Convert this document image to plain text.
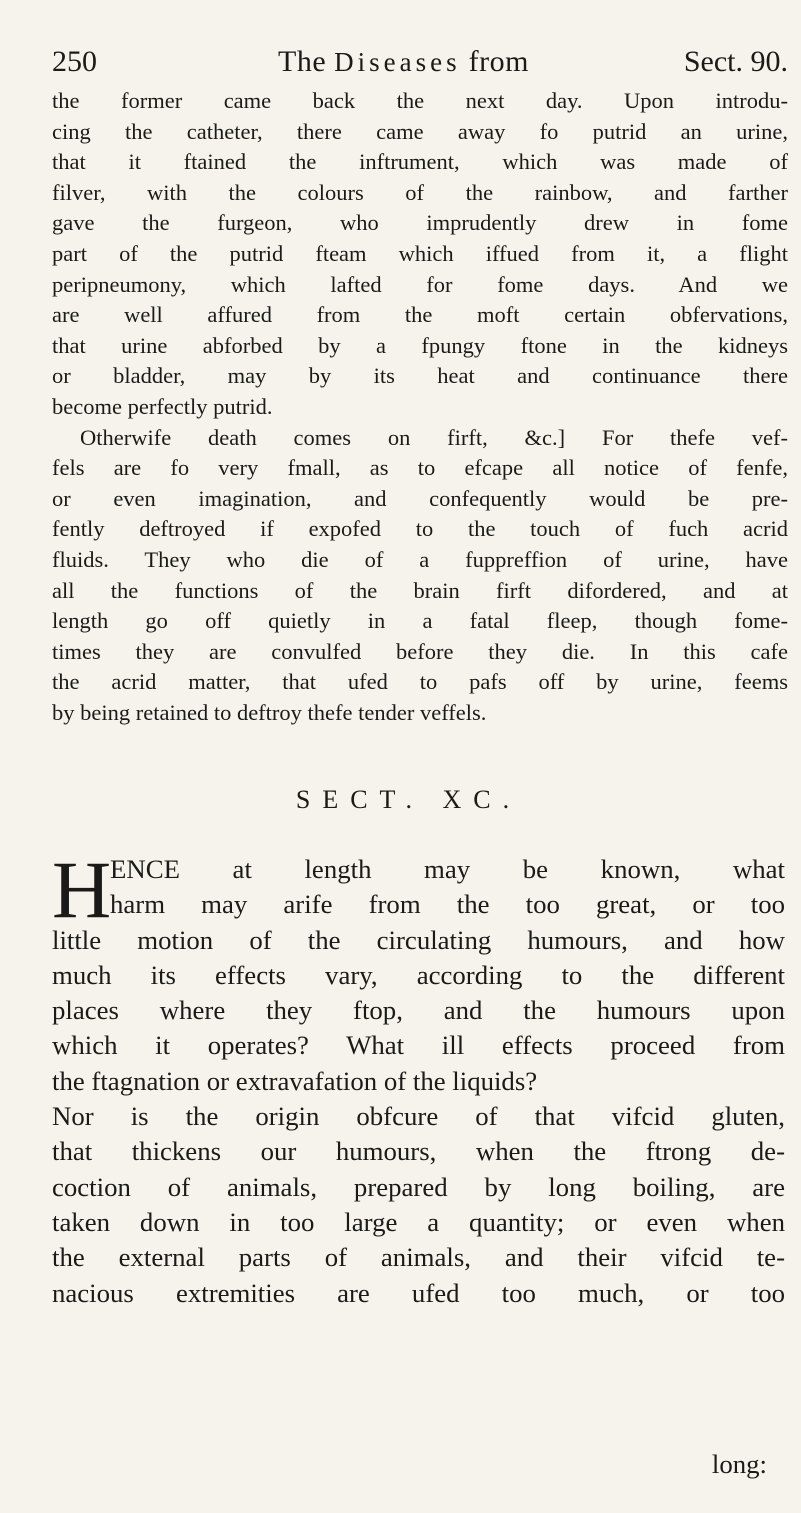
250	The Diseases from	Sect. 90.
the former came back the next day. Upon introdu-
cing the catheter, there came away fo putrid an urine,
that it ftained the inftrument, which was made of
filver, with the colours of the rainbow, and farther
gave the furgeon, who imprudently drew in fome
part of the putrid fteam which iffued from it, a flight
peripneumony, which lafted for fome days. And we
are well affured from the moft certain obfervations,
that urine abforbed by a fpungy ftone in the kidneys
or bladder, may by its heat and continuance there
become perfectly putrid.
Otherwife death comes on firft, &c.] For thefe vef-
fels are fo very fmall, as to efcape all notice of fenfe,
or even imagination, and confequently would be pre-
fently deftroyed if expofed to the touch of fuch acrid
fluids. They who die of a fuppreffion of urine, have
all the functions of the brain firft difordered, and at
length go off quietly in a fatal fleep, though fome-
times they are convulfed before they die. In this cafe
the acrid matter, that ufed to pafs off by urine, feems
by being retained to deftroy thefe tender veffels.
SECT. XC.
H
ENCE at length may be known, what
harm may arife from the too great, or too
little motion of the circulating humours, and how
much its effects vary, according to the different
places where they ftop, and the humours upon
which it operates? What ill effects proceed from
the ftagnation or extravafation of the liquids?
Nor is the origin obfcure of that vifcid gluten,
that thickens our humours, when the ftrong de-
coction of animals, prepared by long boiling, are
taken down in too large a quantity; or even when
the external parts of animals, and their vifcid te-
nacious extremities are ufed too much, or too
long:
